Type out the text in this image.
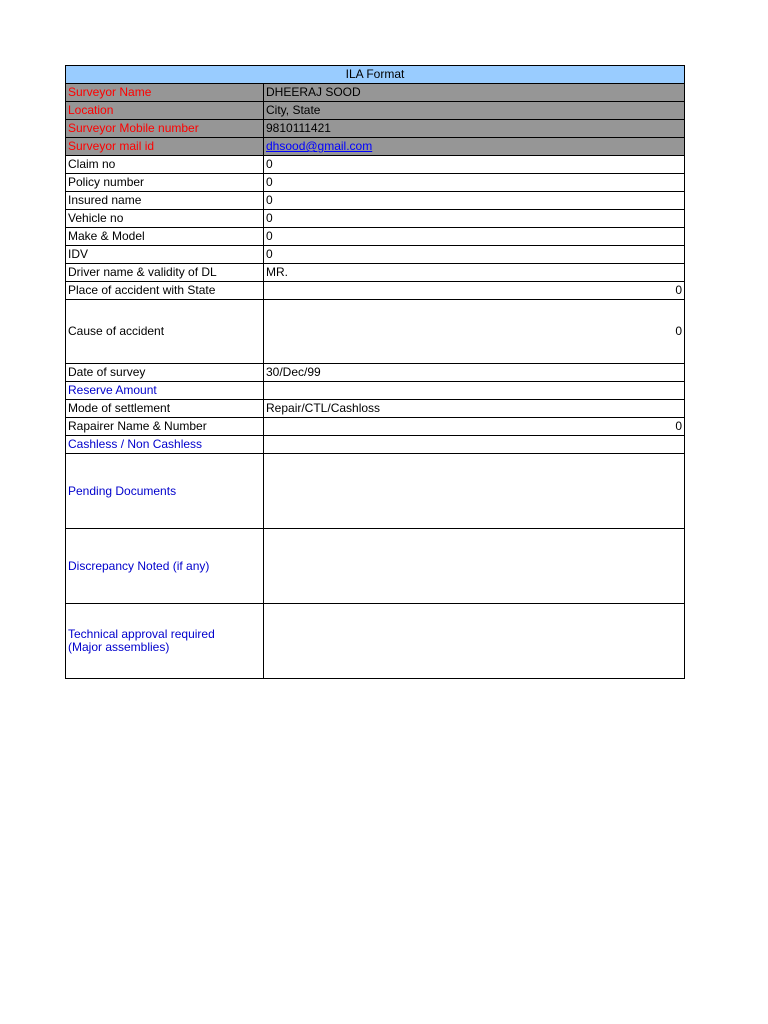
ILA Format	
Surveyor Name	DHEERAJ SOOD
Location	City, State
Surveyor Mobile number	9810111421
Surveyor mail id	dhsood@gmail.com
Claim no	0
Policy number	0
Insured name	0
Vehicle no	0
Make & Model	0
IDV	0
Driver name & validity of DL	MR.
Place of accident with State	0
Cause of accident	0
Date of survey	30/Dec/99
Reserve Amount	
Mode of settlement	Repair/CTL/Cashloss
Rapairer Name & Number	0
Cashless / Non Cashless	
Pending Documents	
Discrepancy Noted (if any)	

Technical approval required
(Major assemblies)	
